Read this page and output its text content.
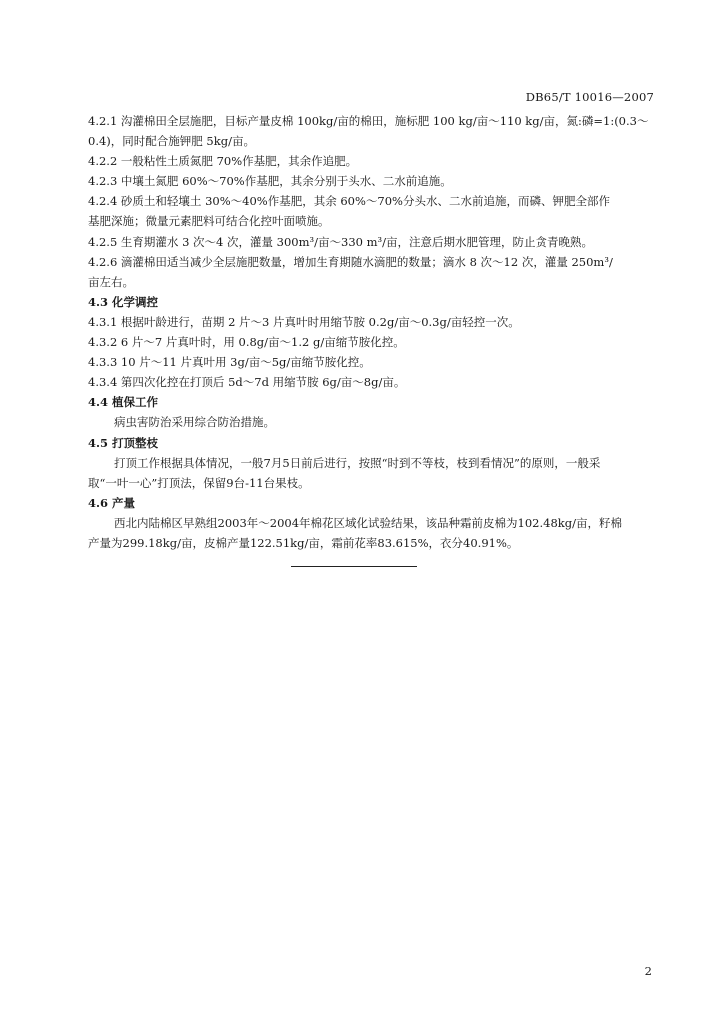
DB65/T 10016—2007
4.2.1 沟灌棉田全层施肥，目标产量皮棉 100kg/亩的棉田，施标肥 100 kg/亩～110 kg/亩，氮:磷=1:(0.3～
0.4)，同时配合施钾肥 5kg/亩。
4.2.2 一般粘性土质氮肥 70%作基肥，其余作追肥。
4.2.3 中壤土氮肥 60%～70%作基肥，其余分别于头水、二水前追施。
4.2.4 砂质土和轻壤土 30%～40%作基肥，其余 60%～70%分头水、二水前追施，而磷、钾肥全部作
基肥深施；微量元素肥料可结合化控叶面喷施。
4.2.5 生育期灌水 3 次～4 次，灌量 300m³/亩～330 m³/亩，注意后期水肥管理，防止贪青晚熟。
4.2.6 滴灌棉田适当减少全层施肥数量，增加生育期随水滴肥的数量；滴水 8 次～12 次，灌量 250m³/
亩左右。
4.3 化学调控
4.3.1 根据叶龄进行，苗期 2 片～3 片真叶时用缩节胺 0.2g/亩～0.3g/亩轻控一次。
4.3.2 6 片～7 片真叶时，用 0.8g/亩～1.2 g/亩缩节胺化控。
4.3.3 10 片～11 片真叶用 3g/亩～5g/亩缩节胺化控。
4.3.4 第四次化控在打顶后 5d～7d 用缩节胺 6g/亩～8g/亩。
4.4 植保工作
病虫害防治采用综合防治措施。
4.5 打顶整枝
打顶工作根据具体情况，一般7月5日前后进行，按照“时到不等枝，枝到看情况”的原则，一般采
取“一叶一心”打顶法，保留9台-11台果枝。
4.6 产量
西北内陆棉区早熟组2003年～2004年棉花区域化试验结果，该品种霜前皮棉为102.48kg/亩，籽棉
产量为299.18kg/亩，皮棉产量122.51kg/亩，霜前花率83.615%，衣分40.91%。
2
